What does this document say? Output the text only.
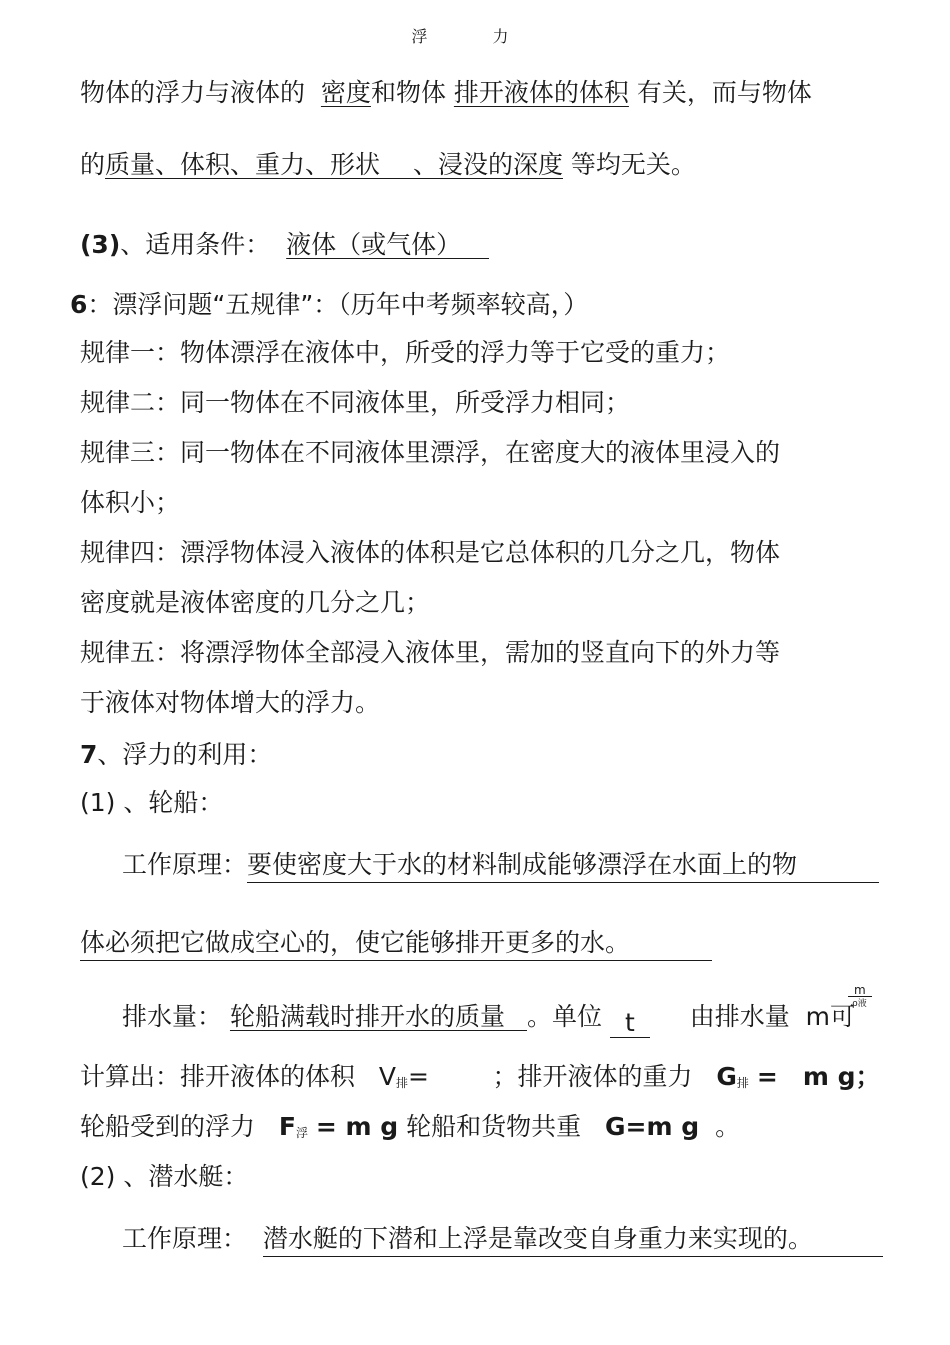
浮 力
物体的浮力与液体的 密度和物体 排开液体的体积 有关，而与物体
的质量、体积、重力、形状　 、浸没的深度 等均无关。
(3)、适用条件： 液体（或气体）
6：漂浮问题“五规律”：（历年中考频率较高，）
规律一：物体漂浮在液体中，所受的浮力等于它受的重力；
规律二：同一物体在不同液体里，所受浮力相同；
规律三：同一物体在不同液体里漂浮，在密度大的液体里浸入的
体积小；
规律四：漂浮物体浸入液体的体积是它总体积的几分之几，物体
密度就是液体密度的几分之几；
规律五：将漂浮物体全部浸入液体里，需加的竖直向下的外力等
于液体对物体增大的浮力。
7、浮力的利用：
(1) 、轮船：
工作原理：要使密度大于水的材料制成能够漂浮在水面上的物
体必须把它做成空心的，使它能够排开更多的水。
m
ρ液
排水量： 轮船满载时排开水的质量 。单位 t 由排水量 m可
计算出：排开液体的体积 V排=	；排开液体的重力 G排 =　m g；
轮船受到的浮力 F浮 = m g 轮船和货物共重 G=m g 。
(2) 、潜水艇：
工作原理： 潜水艇的下潜和上浮是靠改变自身重力来实现的。
